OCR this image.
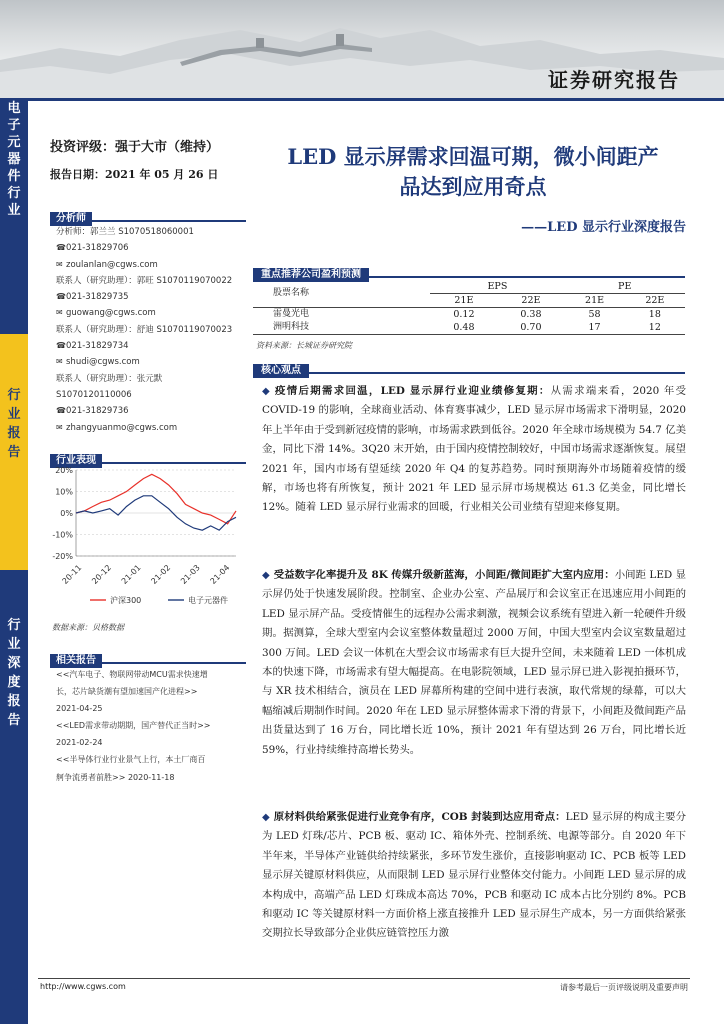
证券研究报告
电
子
元
器
件
行
业
行
业
报
告
行
业
深
度
报
告
投资评级：强于大市（维持）
报告日期：2021 年 05 月 26 日
分析师
分析师：郭兰兰 S1070518060001
☎021-31829706
✉ zoulanlan@cgws.com
联系人（研究助理）：郭旺 S1070119070022
☎021-31829735
✉ guowang@cgws.com
联系人（研究助理）：舒迪 S1070119070023
☎021-31829734
✉ shudi@cgws.com
联系人（研究助理）：张元默
S1070120110006
☎021-31829736
✉ zhangyuanmo@cgws.com
行业表现
20%
10%
0%
-10%
-20%
20-11 20-12 21-01 21-02 21-03 21-04
沪深300	电子元器件
数据来源：贝格数据
相关报告
<<汽车电子、物联网带动MCU需求快速增
长，芯片缺货潮有望加速国产化进程>>
2021-04-25
<<LED需求带动期期，国产替代正当时>>
2021-02-24
<<半导体行业行业景气上行，本土厂商百
舸争流勇者前胜>> 2020-11-18
LED 显示屏需求回温可期，微小间距产
品达到应用奇点
——LED 显示行业深度报告
重点推荐公司盈利预测
股票名称	EPS		PE	
	21E	22E	21E	22E
雷曼光电	0.12	0.38	58	18
洲明科技	0.48	0.70	17	12
资料来源：长城证券研究院
核心观点
◆ 疫情后期需求回温，LED 显示屏行业迎业绩修复期：从需求端来看，2020 年受 COVID-19 的影响，全球商业活动、体育赛事减少，LED 显示屏市场需求下滑明显，2020 年上半年由于受到新冠疫情的影响，市场需求跌到低谷。2020 年全球市场规模为 54.7 亿美金，同比下滑 14%。3Q20 末开始，由于国内疫情控制较好，中国市场需求逐渐恢复。展望 2021 年，国内市场有望延续 2020 年 Q4 的复苏趋势。同时预期海外市场随着疫情的缓解，市场也将有所恢复，预计 2021 年 LED 显示屏市场规模达 61.3 亿美金，同比增长 12%。随着 LED 显示屏行业需求的回暖，行业相关公司业绩有望迎来修复期。
◆ 受益数字化率提升及 8K 传媒升级新蓝海，小间距/微间距扩大室内应用：小间距 LED 显示屏仍处于快速发展阶段。控制室、企业办公室、产品展厅和会议室正在迅速应用小间距的 LED 显示屏产品。受疫情催生的远程办公需求刺激，视频会议系统有望进入新一轮硬件升级期。据测算，全球大型室内会议室整体数量超过 2000 万间，中国大型室内会议室数量超过 300 万间。LED 会议一体机在大型会议市场需求有巨大提升空间，未来随着 LED 一体机成本的快速下降，市场需求有望大幅提高。在电影院领域，LED 显示屏已进入影视拍摄环节，与 XR 技术相结合，演员在 LED 屏幕所构建的空间中进行表演，取代常规的绿幕，可以大幅缩减后期制作时间。2020 年在 LED 显示屏整体需求下滑的背景下，小间距及微间距产品出货量达到了 16 万台，同比增长近 10%，预计 2021 年有望达到 26 万台，同比增长近 59%，行业持续维持高增长势头。
◆ 原材料供给紧张促进行业竞争有序，COB 封装到达应用奇点：LED 显示屏的构成主要分为 LED 灯珠/芯片、PCB 板、驱动 IC、箱体外壳、控制系统、电源等部分。自 2020 年下半年来，半导体产业链供给持续紧张，多环节发生涨价，直接影响驱动 IC、PCB 板等 LED 显示屏关键原材料供应，从而限制 LED 显示屏行业整体交付能力。小间距 LED 显示屏的成本构成中，高端产品 LED 灯珠成本高达 70%，PCB 和驱动 IC 成本占比分别约 8%。PCB 和驱动 IC 等关键原材料一方面价格上涨直接推升 LED 显示屏生产成本，另一方面供给紧张交期拉长导致部分企业供应链管控压力激
http://www.cgws.com	请参考最后一页评级说明及重要声明
